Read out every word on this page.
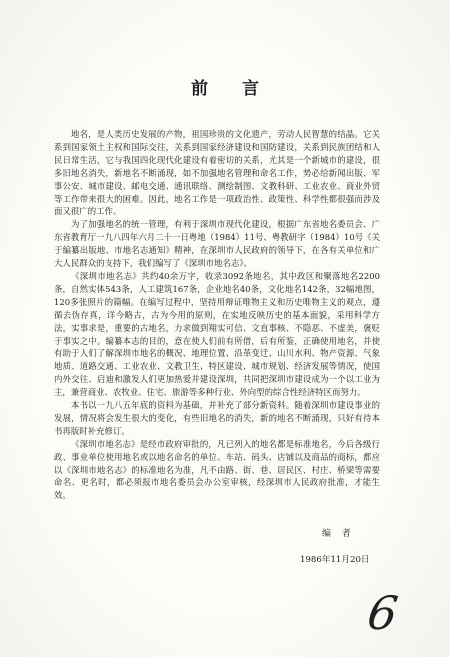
前 言

地名，是人类历史发展的产物，祖国珍贵的文化遗产，劳动人民智慧的结晶。它关系到国家领土主权和国际交往，关系到国家经济建设和国防建设，关系到民族团结和人民日常生活，它与我国四化现代化建设有着密切的关系，尤其是一个新城市的建设，很多旧地名消失，新地名不断涌现，如不加强地名管理和命名工作，势必给新闻出版、军事公安、城市建设、邮电交通、通讯联络、测绘制图、文教科研、工业农业、商业外贸等工作带来很大的困难。因此，地名工作是一项政治性、政策性、科学性都很强而涉及面又很广的工作。

为了加强地名的统一管理，有利于深圳市现代化建设，根据广东省地名委员会、广东省教育厅一九八四年六月二十一日粤地（1984）11号、粤教研字（1984）10号《关于编纂出版地、市地名志通知》精神，在深圳市人民政府的领导下，在各有关单位和广大人民群众的支持下，我们编写了《深圳市地名志》。

《深圳市地名志》共约40余万字，收录3092条地名，其中政区和聚落地名2200条，自然实体543条，人工建筑167条，企业地名40条，文化地名142条，32幅地图，120多张照片的篇幅。在编写过程中，坚持用辩证唯物主义和历史唯物主义的观点，遵循去伪存真，详今略古，古为今用的原则，在实地反映历史的基本面貌，采用科学方法，实事求是，重要的古地名，力求做到翔实可信、文直事核、不隐恶、不虚美，褒贬于事实之中。编纂本志的目的，意在使人们前有所借，后有所鉴，正确使用地名，并使有助于人们了解深圳市地名的概况、地理位置、沿革变迁、山川水利、物产资源、气象地质、道路交通、工业农业、文教卫生、特区建设、城市规划、经济发展等情况，使国内外交往、启迪和激发人们更加热爱并建设深圳，共同把深圳市建设成为一个以工业为主，兼营商业、农牧业、住宅、旅游等多种行业、外向型的综合性经济特区而努力。

本书以一九八五年底的资料为基础，并补充了部分新资料。随着深圳市建设事业的发展，情况将会发生很大的变化，有些旧地名的消失，新的地名不断涌现，只好有待本书再版时补充修订。

《深圳市地名志》是经市政府审批的，凡已列入的地名都是标准地名，今后各级行政、事业单位使用地名或以地名命名的单位、车站、码头、店铺以及商品的商标，都应以《深圳市地名志》的标准地名为准，凡不由路、街、巷、居民区、村庄、桥梁等需要命名、更名时，都必须报市地名委员会办公室审核，经深圳市人民政府批准，才能生效。

编 者
1986年11月20日
6
